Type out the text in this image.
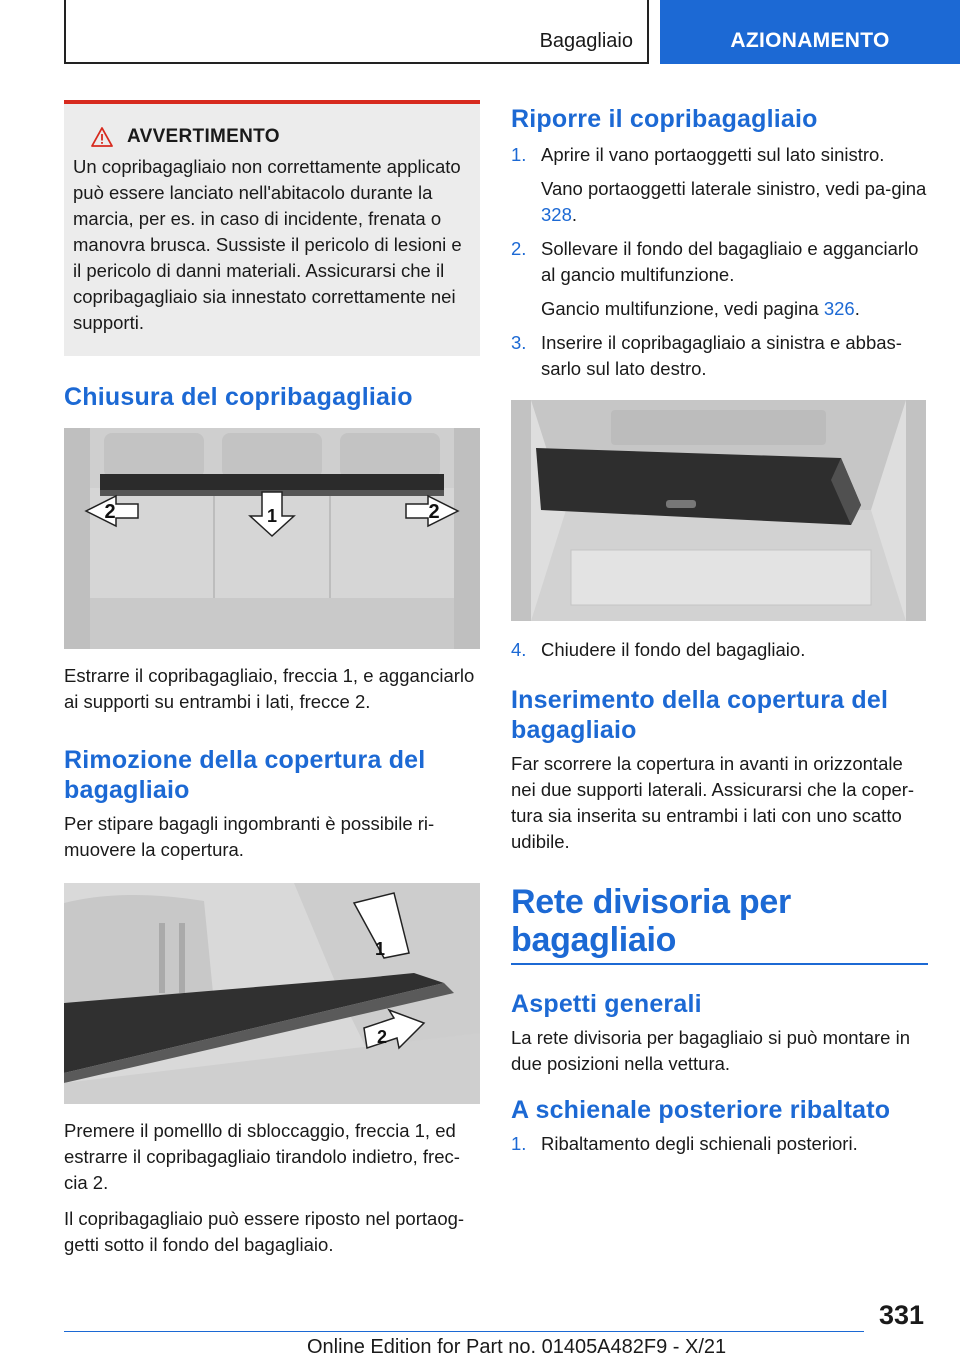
Bagagliaio	AZIONAMENTO
AVVERTIMENTO
Un copribagagliaio non correttamente applicato può essere lanciato nell'abitacolo durante la marcia, per es. in caso di incidente, frenata o manovra brusca. Sussiste il pericolo di lesioni e il pericolo di danni materiali. Assicurarsi che il copribagagliaio sia innestato correttamente nei supporti.
Chiusura del copribagagliaio
2	2
1
Estrarre il copribagagliaio, freccia 1, e agganciarlo ai supporti su entrambi i lati, frecce 2.
Rimozione della copertura del bagagliaio
Per stipare bagagli ingombranti è possibile ri‐muovere la copertura.
1
2
Premere il pomelllo di sbloccaggio, freccia 1, ed estrarre il copribagagliaio tirandolo indietro, frec‐cia 2.
Il copribagagliaio può essere riposto nel portaog‐getti sotto il fondo del bagagliaio.
Riporre il copribagagliaio
1. Aprire il vano portaoggetti sul lato sinistro.
Vano portaoggetti laterale sinistro, vedi pa‐gina 328.
2. Sollevare il fondo del bagagliaio e agganciarlo al gancio multifunzione.
Gancio multifunzione, vedi pagina 326.
3. Inserire il copribagagliaio a sinistra e abbas‐sarlo sul lato destro.
4. Chiudere il fondo del bagagliaio.
Inserimento della copertura del bagagliaio
Far scorrere la copertura in avanti in orizzontale nei due supporti laterali. Assicurarsi che la coper‐tura sia inserita su entrambi i lati con uno scatto udibile.
Rete divisoria per bagagliaio
Aspetti generali
La rete divisoria per bagagliaio si può montare in due posizioni nella vettura.
A schienale posteriore ribaltato
1. Ribaltamento degli schienali posteriori.
331
Online Edition for Part no. 01405A482F9 - X/21
